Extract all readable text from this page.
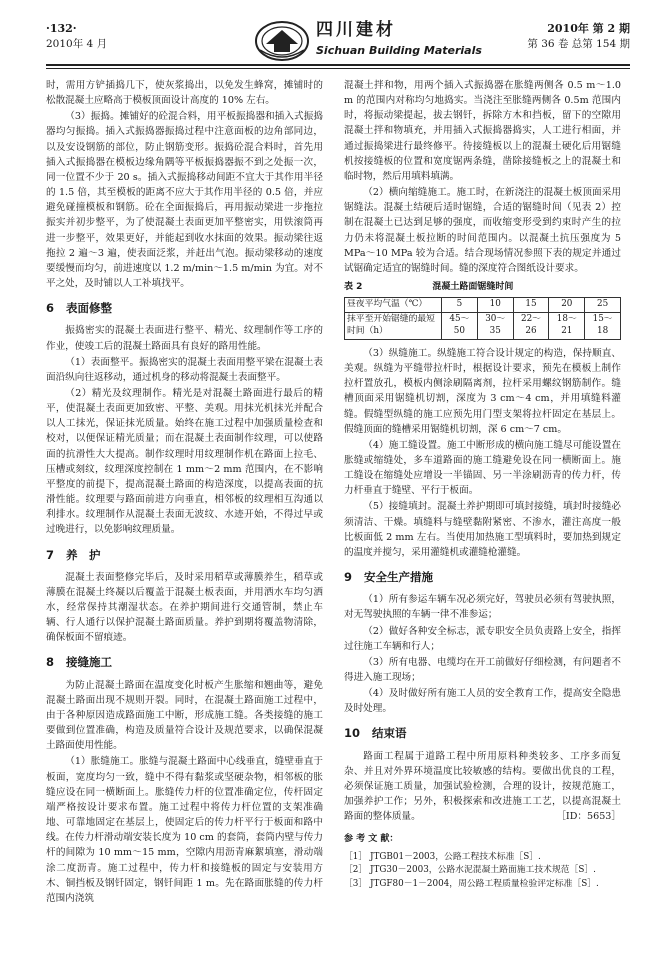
·132·
2010年 4 月
四川建材
Sichuan Building Materials
2010年 第 2 期
第 36 卷 总第 154 期

时，需用方铲插捣几下，使灰浆捣出，以免发生蜂窝，摊铺时的松散混凝土应略高于模板顶面设计高度的 10% 左右。

（3）振捣。摊铺好的砼混合料，用平板振捣器和插入式振捣器均匀振捣。插入式振捣器振捣过程中注意面板的边角部同边，以及安设钢筋的部位，防止钢筋变形。振捣砼混合料时，首先用插入式振捣器在模板边缘角隅等平板振捣器振不到之处振一次，同一位置不少于 20 s。插入式振捣移动间距不宜大于其作用半径的 1.5 倍，其至模板的距离不应大于其作用半径的 0.5 倍，并应避免碰撞模板和钢筋。砼在全面振捣后，再用振动梁进一步拖拉振实并初步整平，为了使混凝土表面更加平整密实，用铁滚筒再进一步整平，效果更好，并能起到收水抹面的效果。振动梁往返拖拉 2 遍～3 遍，使表面泛浆，并赶出气泡。振动梁移动的速度要缓慢而均匀，前进速度以 1.2 m/min～1.5 m/min 为宜。对不平之处，及时铺以人工补填找平。

6 表面修整

振捣密实的混凝土表面进行整平、精光、纹理制作等工序的作业，使竣工后的混凝土路面具有良好的路用性能。

（1）表面整平。振捣密实的混凝土表面用整平梁在混凝土表面沿纵向往返移动，通过机身的移动将混凝土表面整平。

（2）精光及纹理制作。精光是对混凝土路面进行最后的精平，使混凝土表面更加致密、平整、美观。用抹光机抹光并配合以人工抹光，保证抹光质量。始终在施工过程中加强质量检查和校对，以便保证精光质量；而在混凝土表面制作纹理，可以使路面的抗滑性大大提高。制作纹理时用纹理制作机在路面上拉毛、压槽或刻纹，纹理深度控制在 1 mm～2 mm 范围内，在不影响平整度的前提下，提高混凝土路面的构造深度，以提高表面的抗滑性能。纹理要与路面前进方向垂直，相邻板的纹理相互沟通以利排水。纹理制作从混凝土表面无波纹、水迹开始，不得过早或过晚进行，以免影响纹理质量。

7 养　护

混凝土表面整修完毕后，及时采用稻草或薄膜养生，稻草或薄膜在混凝土终凝以后覆盖于混凝土板表面，并用洒水车均匀洒水，经常保持其潮湿状态。在养护期间进行交通管制，禁止车辆、行人通行以保护混凝土路面质量。养护到期将覆盖物清除，确保板面不留痕迹。

8 接缝施工

为防止混凝土路面在温度变化时板产生胀缩和翘曲等，避免混凝土路面出现不规则开裂。同时，在混凝土路面施工过程中，由于各种原因造成路面施工中断，形成施工缝。各类接缝的施工要做到位置准确，构造及质量符合设计及规范要求，以确保混凝土路面使用性能。

（1）胀缝施工。胀缝与混凝土路面中心线垂直，缝壁垂直于板面，宽度均匀一致，缝中不得有黏浆或坚硬杂物，相邻板的胀缝应设在同一横断面上。胀缝传力杆的位置准确定位，传杆固定端严格按设计要求布置。施工过程中将传力杆位置的支架准确地、可靠地固定在基层上，使固定后的传力杆平行于板面和路中线。在传力杆滑动端安装长度为 10 cm 的套筒，套筒内壁与传力杆的间隙为 10 mm～15 mm，空隙内用沥青麻絮填塞，滑动端涂二度沥青。施工过程中，传力杆和接缝板的固定与安装用方木、铜挡板及钢钎固定，钢钎间距 1 m。先在路面胀缝的传力杆范围内浇筑

混凝土拌和物，用两个插入式振捣器在胀缝两侧各 0.5 m～1.0 m 的范围内对称均匀地捣实。当浇注至胀缝两侧各 0.5m 范围内时，将振动梁提起，拔去钢钎，拆除方木和挡板，留下的空隙用混凝土拌和物填充，并用插入式振捣器捣实，人工进行相面，并通过振捣梁进行最终修平。待接缝板以上的混凝土硬化后用锯缝机按接缝板的位置和宽度锯两条缝，凿除接缝板之上的混凝土和临时物，然后用填料填满。

（2）横向缩缝施工。施工时，在新浇注的混凝土板顶面采用锯缝法。混凝土结硬后适时锯缝，合适的锯缝时间（见表 2）控制在混凝土已达到足够的强度，而收缩变形受到约束时产生的拉力仍未将混凝土板拉断的时间范围内。以混凝土抗压强度为 5 MPa～10 MPa 较为合适。结合现场情况参照下表的规定并通过试锯确定适宜的锯缝时间。缝的深度符合图纸设计要求。

表 2	混凝土路面锯缝时间
昼夜平均气温（℃）	5	10	15	20	25
抹平至开始锯缝的最短时间（h）	45～50	30～35	22～26	18～21	15～18

（3）纵缝施工。纵缝施工符合设计规定的构造，保持顺直、美观。纵缝为平缝带拉杆时，根据设计要求，预先在模板上制作拉杆置放孔，模板内侧涂刷隔离剂，拉杆采用螺纹钢筋制作。缝槽顶面采用锯缝机切割，深度为 3 cm～4 cm，并用填缝料灌缝。假缝型纵缝的施工应预先用门型支架将拉杆固定在基层上。假缝顶面的缝槽采用锯缝机切割，深 6 cm～7 cm。

（4）施工缝设置。施工中断形成的横向施工缝尽可能设置在胀缝或缩缝处，多车道路面的施工缝避免设在同一横断面上。施工缝设在缩缝处应增设一半锚固、另一半涂刷沥青的传力杆，传力杆垂直于缝壁、平行于板面。

（5）接缝填封。混凝土养护期即可填封接缝，填封时接缝必须清洁、干燥。填缝料与缝壁黏附紧密、不渗水，灌注高度一般比板面低 2 mm 左右。当使用加热施工型填料时，要加热到规定的温度并搅匀，采用灌缝机或灌缝枪灌缝。

9 安全生产措施

（1）所有参运车辆车况必须完好，驾驶员必须有驾驶执照，对无驾驶执照的车辆一律不准参运；

（2）做好各种安全标志，派专职安全员负责路上安全，指挥过往施工车辆和行人；

（3）所有电器、电缆均在开工前做好仔细检测，有问题者不得进入施工现场；

（4）及时做好所有施工人员的安全教育工作，提高安全隐患及时处理。

10 结束语

路面工程属于道路工程中所用原料种类较多、工序多而复杂、并且对外界环境温度比较敏感的结构。要做出优良的工程，必须保证施工质量，加强试验检测，合理的设计，按规范施工，加强养护工作；另外，积极探索和改进施工工艺，以提高混凝土路面的整体质量。	［ID：5653］

参 考 文 献：
［1］ JTGB01－2003，公路工程技术标准［S］.
［2］ JTG30－2003，公路水泥混凝土路面施工技术规范［S］.
［3］ JTGF80－1－2004，周公路工程质量检验评定标准［S］.
